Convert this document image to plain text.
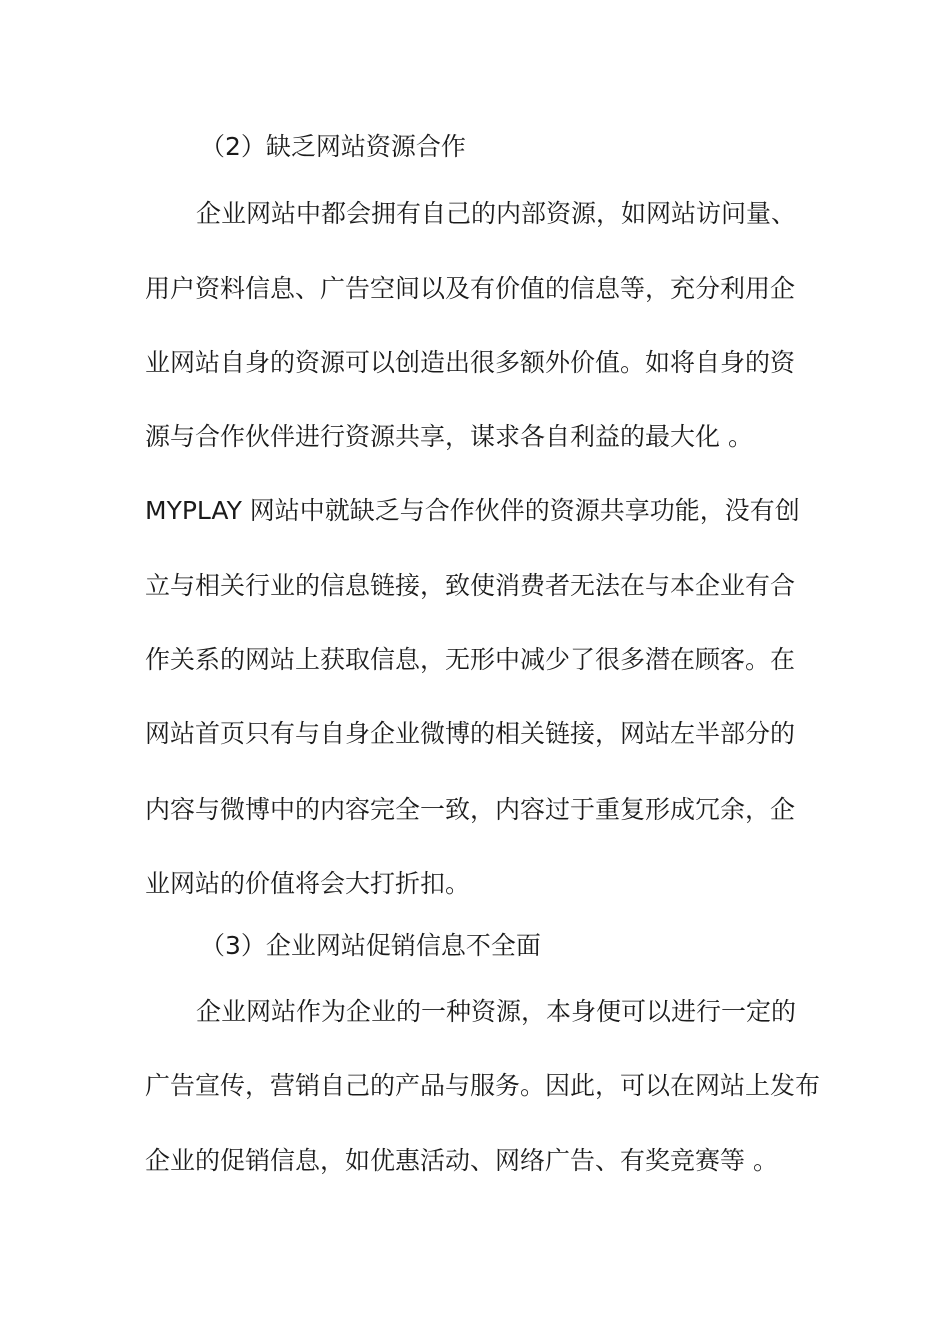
（2）缺乏网站资源合作
企业网站中都会拥有自己的内部资源，如网站访问量、
用户资料信息、广告空间以及有价值的信息等，充分利用企
业网站自身的资源可以创造出很多额外价值。如将自身的资
源与合作伙伴进行资源共享，谋求各自利益的最大化 。
MYPLAY 网站中就缺乏与合作伙伴的资源共享功能，没有创
立与相关行业的信息链接，致使消费者无法在与本企业有合
作关系的网站上获取信息，无形中减少了很多潜在顾客。在
网站首页只有与自身企业微博的相关链接，网站左半部分的
内容与微博中的内容完全一致，内容过于重复形成冗余，企
业网站的价值将会大打折扣。
（3）企业网站促销信息不全面
企业网站作为企业的一种资源，本身便可以进行一定的
广告宣传，营销自己的产品与服务。因此，可以在网站上发布
企业的促销信息，如优惠活动、网络广告、有奖竞赛等 。
